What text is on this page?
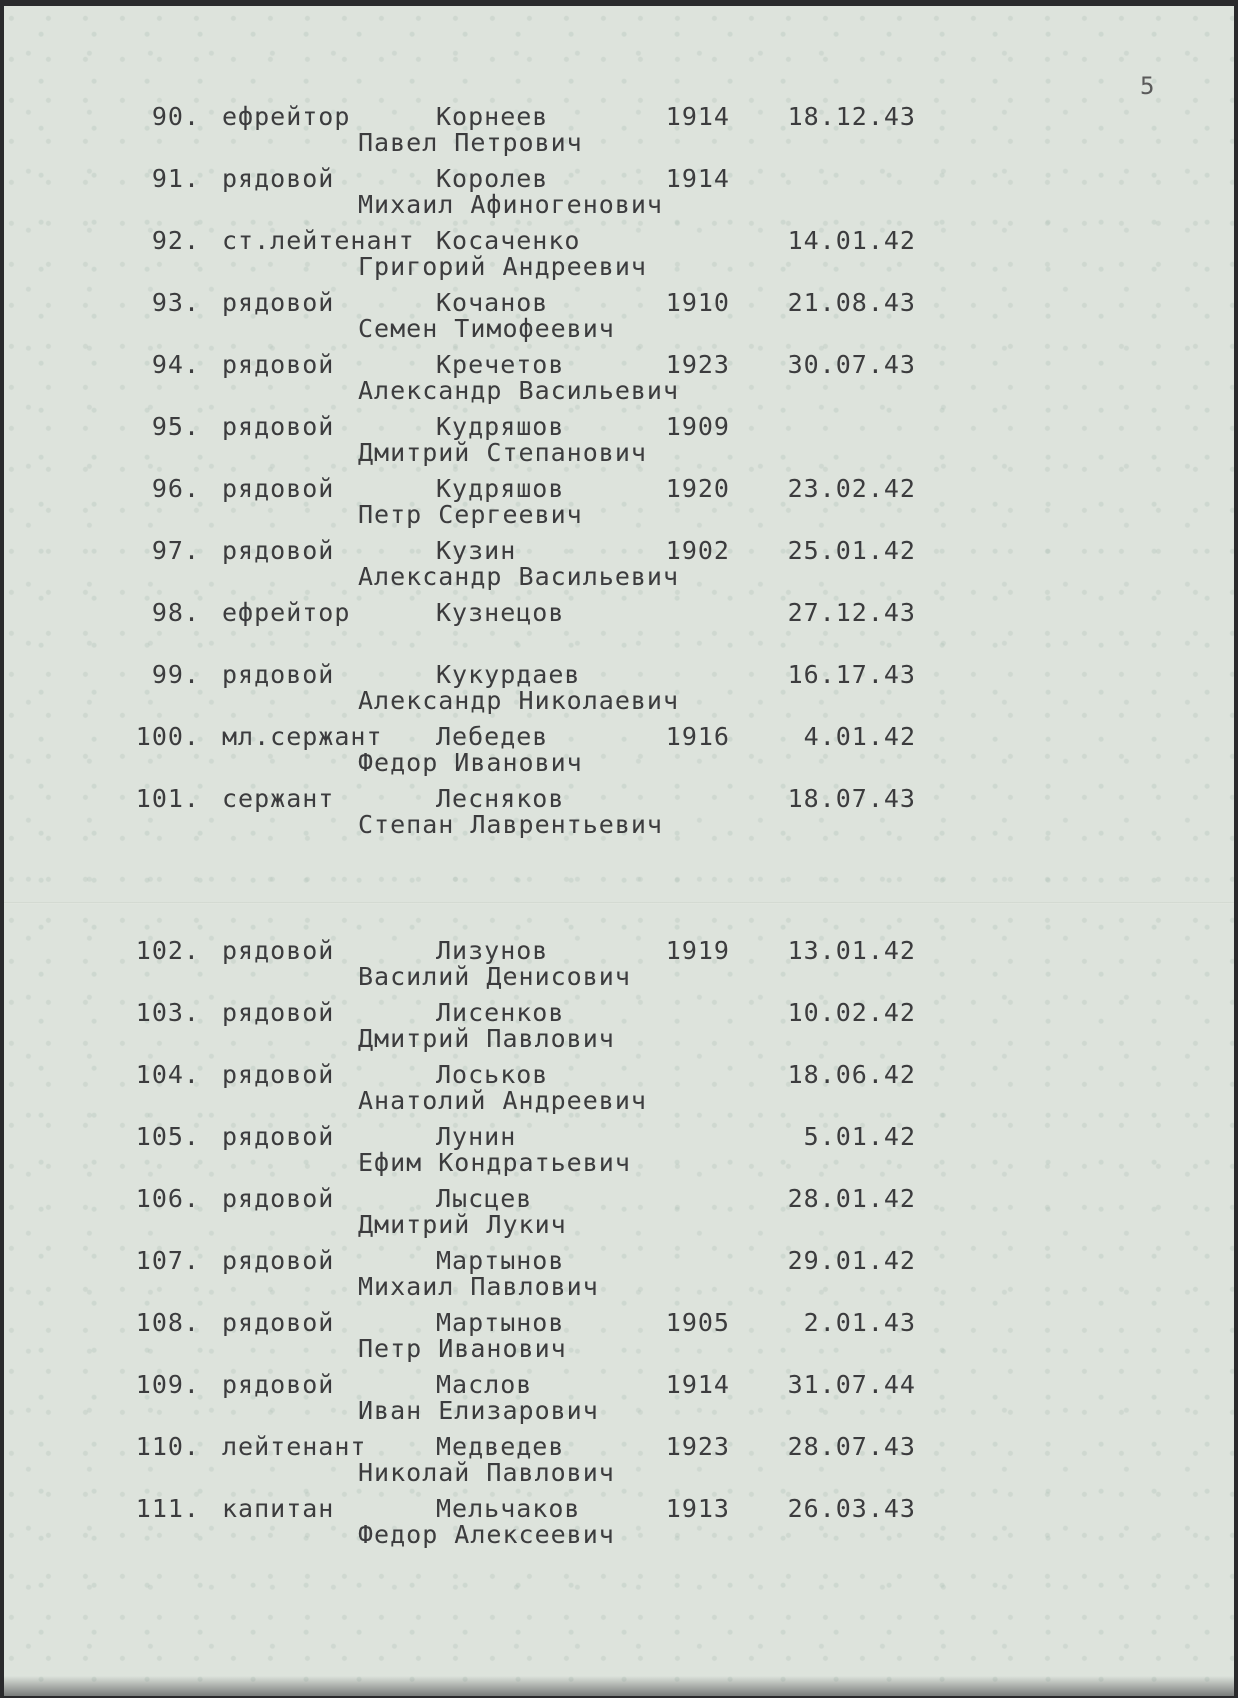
5
90. ефрейтор	Корнеев	1914	18.12.43
Павел Петрович
91. рядовой	Королев	1914
Михаил Афиногенович
92. ст.лейтенант Косаченко	14.01.42
Григорий Андреевич
93. рядовой	Кочанов	1910	21.08.43
Семен Тимофеевич
94. рядовой	Кречетов	1923	30.07.43
Александр Васильевич
95. рядовой	Кудряшов	1909
Дмитрий Степанович
96. рядовой	Кудряшов	1920	23.02.42
Петр Сергеевич
97. рядовой	Кузин	1902	25.01.42
Александр Васильевич
98. ефрейтор	Кузнецов	27.12.43
99. рядовой	Кукурдаев	16.17.43
Александр Николаевич
100. мл.сержант Лебедев	1916	4.01.42
Федор Иванович
101. сержант	Лесняков	18.07.43
Степан Лаврентьевич
102. рядовой	Лизунов	1919	13.01.42
Василий Денисович
103. рядовой	Лисенков	10.02.42
Дмитрий Павлович
104. рядовой	Лоськов	18.06.42
Анатолий Андреевич
105. рядовой	Лунин	5.01.42
Ефим Кондратьевич
106. рядовой	Лысцев	28.01.42
Дмитрий Лукич
107. рядовой	Мартынов	29.01.42
Михаил Павлович
108. рядовой	Мартынов	1905	2.01.43
Петр Иванович
109. рядовой	Маслов	1914	31.07.44
Иван Елизарович
110. лейтенант	Медведев	1923	28.07.43
Николай Павлович
111. капитан	Мельчаков	1913	26.03.43
Федор Алексеевич
